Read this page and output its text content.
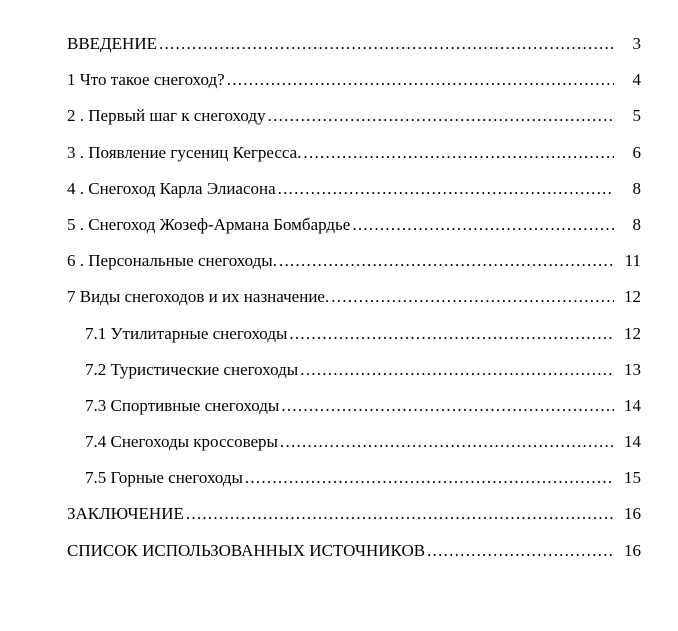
ВВЕДЕНИЕ . . .	3
1 Что такое снегоход? . . .	4
2 . Первый шаг к снегоходу . . .	5
3 . Появление гусениц Кегресса. . . .	6
4 . Снегоход Карла Элиасона . . .	8
5 . Снегоход Жозеф-Армана Бомбардье . . .	8
6 . Персональные снегоходы. . . .	11
7 Виды снегоходов и их назначение. . . .	12
7.1 Утилитарные снегоходы . . .	12
7.2 Туристические снегоходы . . .	13
7.3 Спортивные снегоходы . . .	14
7.4 Снегоходы кроссоверы . . .	14
7.5 Горные снегоходы . . .	15
ЗАКЛЮЧЕНИЕ . . .	16
СПИСОК ИСПОЛЬЗОВАННЫХ ИСТОЧНИКОВ . . .	16
